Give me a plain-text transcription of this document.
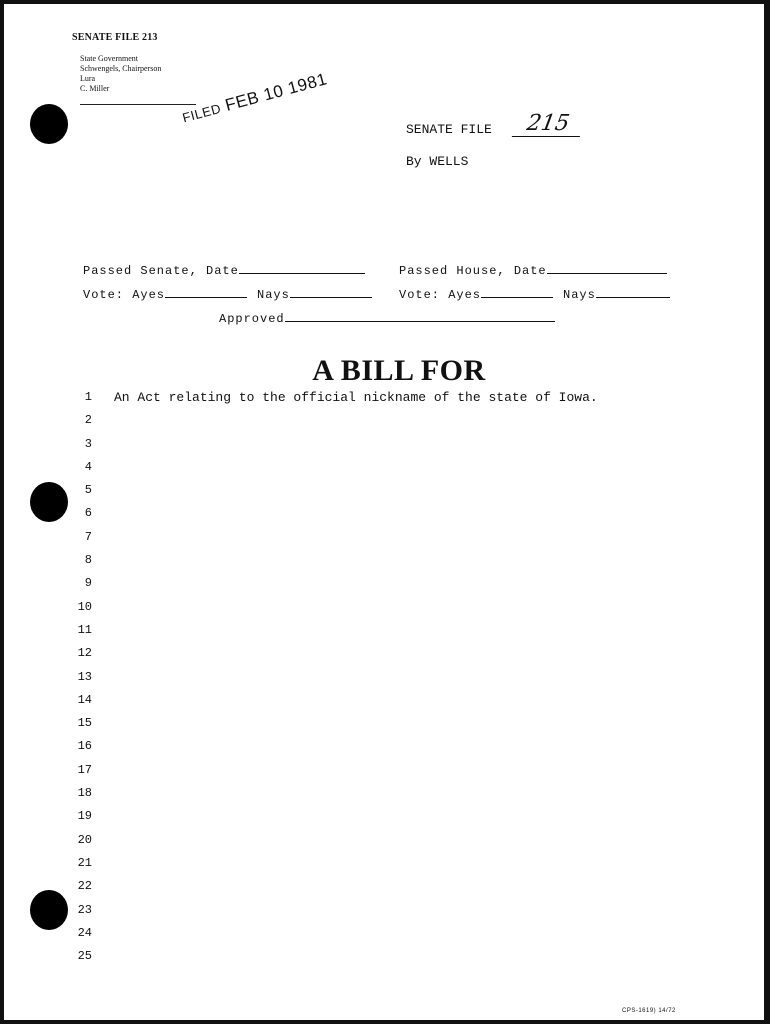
SENATE FILE 213

State Government

Schwengels, Chairperson

Lura

C. Miller

FILED FEB 10 1981

SENATE FILE	215

By WELLS

Passed Senate, Date	Passed House, Date

Vote: Ayes	Nays	Vote: Ayes	Nays

Approved

A BILL FOR

An Act relating to the official nickname of the state of Iowa.

1
2
3
4
5
6
7
8
9
10
11
12
13
14
15
16
17
18
19
20
21
22
23
24
25

CPS-1619) 14/72
